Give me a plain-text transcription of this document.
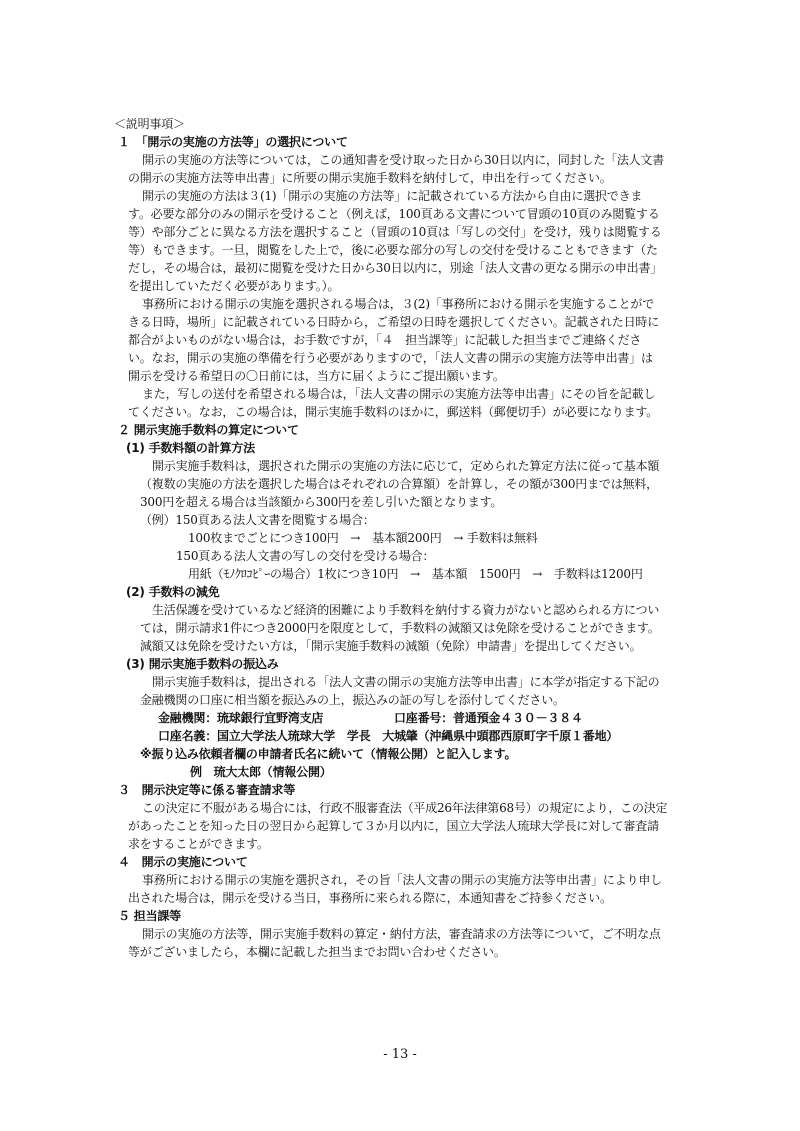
＜説明事項＞
１　「開示の実施の方法等」の選択について
開示の実施の方法等については，この通知書を受け取った日から30日以内に，同封した「法人文書
の開示の実施方法等申出書」に所要の開示実施手数料を納付して，申出を行ってください。
開示の実施の方法は３(1)「開示の実施の方法等」に記載されている方法から自由に選択できま
す。必要な部分のみの開示を受けること（例えば，100頁ある文書について冒頭の10頁のみ閲覧する
等）や部分ごとに異なる方法を選択すること（冒頭の10頁は「写しの交付」を受け，残りは閲覧する
等）もできます。一旦，閲覧をした上で，後に必要な部分の写しの交付を受けることもできます（た
だし，その場合は，最初に閲覧を受けた日から30日以内に，別途「法人文書の更なる開示の申出書」
を提出していただく必要があります。）。
事務所における開示の実施を選択される場合は，３(2)「事務所における開示を実施することがで
きる日時，場所」に記載されている日時から，ご希望の日時を選択してください。記載された日時に
都合がよいものがない場合は，お手数ですが，「４　担当課等」に記載した担当までご連絡くださ
い。なお，開示の実施の準備を行う必要がありますので，「法人文書の開示の実施方法等申出書」は
開示を受ける希望日の〇日前には，当方に届くようにご提出願います。
また，写しの送付を希望される場合は，「法人文書の開示の実施方法等申出書」にその旨を記載し
てください。なお，この場合は，開示実施手数料のほかに，郵送料（郵便切手）が必要になります。
２ 開示実施手数料の算定について
(1) 手数料額の計算方法
開示実施手数料は，選択された開示の実施の方法に応じて，定められた算定方法に従って基本額
（複数の実施の方法を選択した場合はそれぞれの合算額）を計算し，その額が300円までは無料，
300円を超える場合は当該額から300円を差し引いた額となります。
（例）150頁ある法人文書を閲覧する場合：
100枚までごとにつき100円　→　基本額200円　→ 手数料は無料
150頁ある法人文書の写しの交付を受ける場合：
用紙（ﾓﾉｸﾛｺﾋﾟｰの場合）1枚につき10円　→　基本額　1500円　→　手数料は1200円
(2) 手数料の減免
生活保護を受けているなど経済的困難により手数料を納付する資力がないと認められる方につい
ては，開示請求1件につき2000円を限度として，手数料の減額又は免除を受けることができます。
減額又は免除を受けたい方は，「開示実施手数料の減額（免除）申請書」を提出してください。
(3) 開示実施手数料の振込み
開示実施手数料は，提出される「法人文書の開示の実施方法等申出書」に本学が指定する下記の
金融機関の口座に相当額を振込みの上，振込みの証の写しを添付してください。
金融機関：琉球銀行宜野湾支店	口座番号：普通預金４３０－３８４
口座名義：国立大学法人琉球大学　学長　大城肇（沖縄県中頭郡西原町字千原１番地）
※振り込み依頼者欄の申請者氏名に続いて（情報公開）と記入します。
例　琉大太郎（情報公開）
３　開示決定等に係る審査請求等
この決定に不服がある場合には，行政不服審査法（平成26年法律第68号）の規定により，この決定
があったことを知った日の翌日から起算して３か月以内に，国立大学法人琉球大学長に対して審査請
求をすることができます。
４　開示の実施について
事務所における開示の実施を選択され，その旨「法人文書の開示の実施方法等申出書」により申し
出された場合は，開示を受ける当日，事務所に来られる際に，本通知書をご持参ください。
５ 担当課等
開示の実施の方法等，開示実施手数料の算定・納付方法，審査請求の方法等について，ご不明な点
等がございましたら，本欄に記載した担当までお問い合わせください。
- 13 -
